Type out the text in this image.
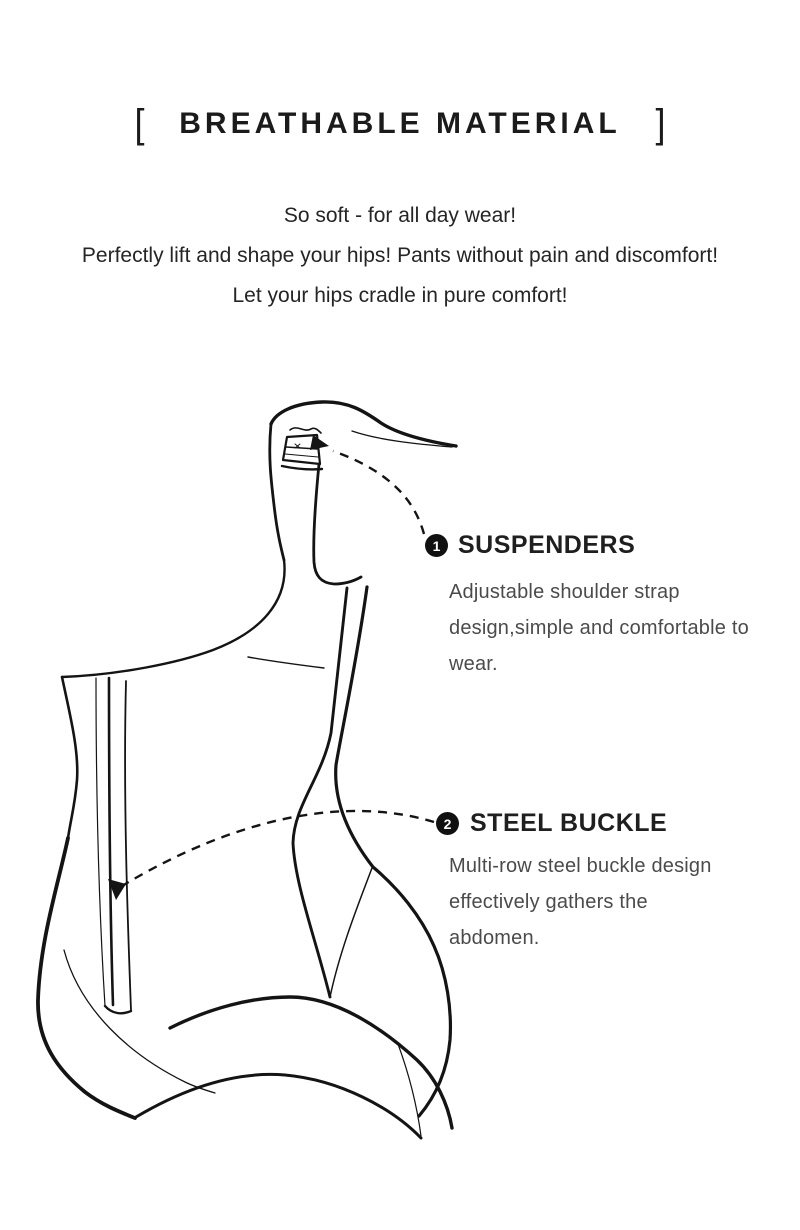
[ BREATHABLE MATERIAL ]
So soft - for all day wear!
Perfectly lift and shape your hips! Pants without pain and discomfort!
Let your hips cradle in pure comfort!
1 SUSPENDERS
Adjustable shoulder strap
design,simple and comfortable to
wear.
2 STEEL BUCKLE
Multi-row steel buckle design
effectively gathers the
abdomen.
